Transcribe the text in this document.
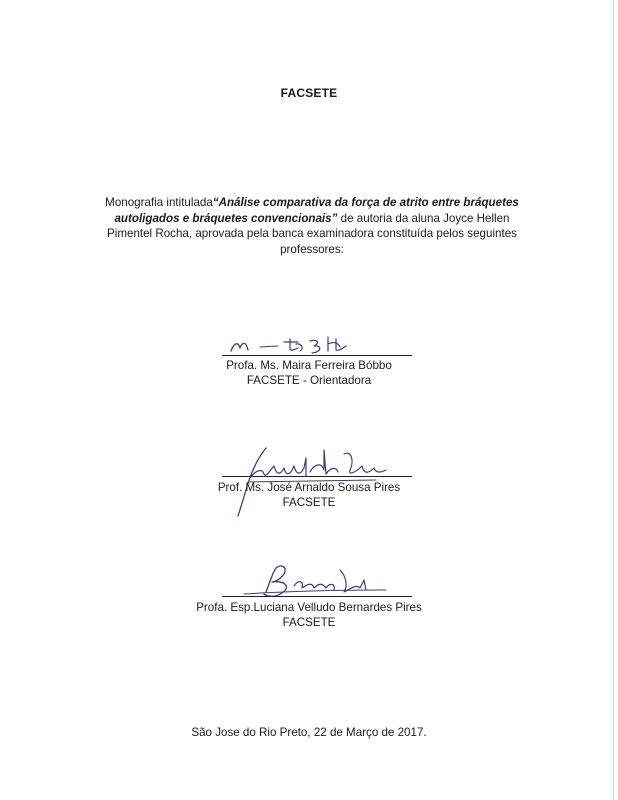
FACSETE
Monografia intitulada“Análise comparativa da força de atrito entre bráquetes autoligados e bráquetes convencionais” de autoria da aluna Joyce Hellen Pimentel Rocha, aprovada pela banca examinadora constituída pelos seguintes professores:
Profa. Ms. Maira Ferreira Bóbbo
FACSETE - Orientadora
Prof. Ms. José Arnaldo Sousa Pires
FACSETE
Profa. Esp.Luciana Velludo Bernardes Pires
FACSETE
São Jose do Rio Preto, 22 de Março de 2017.
